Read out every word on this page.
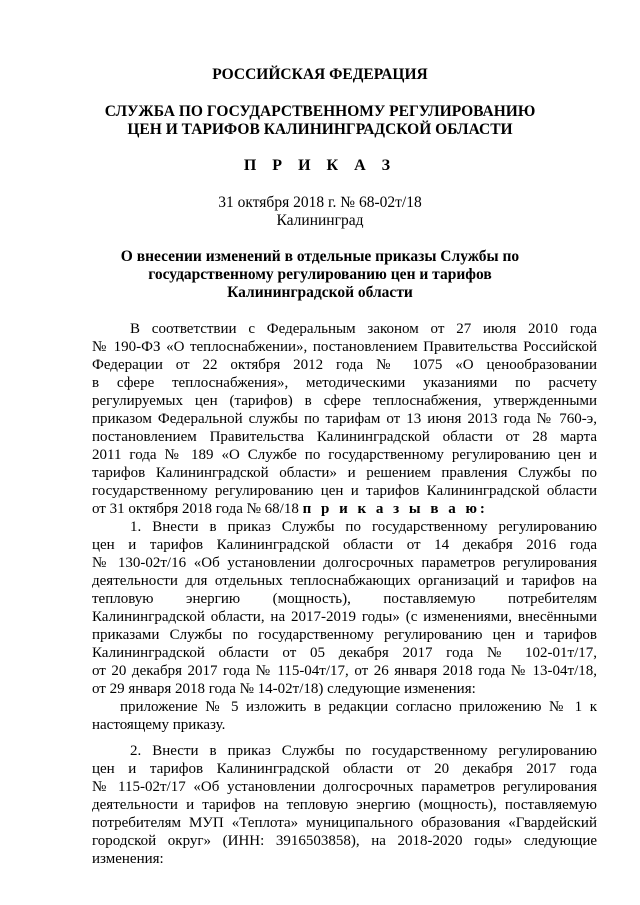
РОССИЙСКАЯ ФЕДЕРАЦИЯ
СЛУЖБА ПО ГОСУДАРСТВЕННОМУ РЕГУЛИРОВАНИЮ
ЦЕН И ТАРИФОВ КАЛИНИНГРАДСКОЙ ОБЛАСТИ
П Р И К А З
31 октября 2018 г. № 68-02т/18
Калининград
О внесении изменений в отдельные приказы Службы по
государственному регулированию цен и тарифов
Калининградской области
В соответствии с Федеральным законом от 27 июля 2010 года
№ 190-ФЗ «О теплоснабжении», постановлением Правительства Российской
Федерации от 22 октября 2012 года № 1075 «О ценообразовании
в сфере теплоснабжения», методическими указаниями по расчету
регулируемых цен (тарифов) в сфере теплоснабжения, утвержденными
приказом Федеральной службы по тарифам от 13 июня 2013 года № 760-э,
постановлением Правительства Калининградской области от 28 марта
2011 года № 189 «О Службе по государственному регулированию цен и
тарифов Калининградской области» и решением правления Службы по
государственному регулированию цен и тарифов Калининградской области
от 31 октября 2018 года № 68/18 п р и к а з ы в а ю:
1. Внести в приказ Службы по государственному регулированию
цен и тарифов Калининградской области от 14 декабря 2016 года
№ 130-02т/16 «Об установлении долгосрочных параметров регулирования
деятельности для отдельных теплоснабжающих организаций и тарифов на
тепловую энергию (мощность), поставляемую потребителям
Калининградской области, на 2017-2019 годы» (с изменениями, внесёнными
приказами Службы по государственному регулированию цен и тарифов
Калининградской области от 05 декабря 2017 года № 102-01т/17,
от 20 декабря 2017 года № 115-04т/17, от 26 января 2018 года № 13-04т/18,
от 29 января 2018 года № 14-02т/18) следующие изменения:
приложение № 5 изложить в редакции согласно приложению № 1 к
настоящему приказу.
2. Внести в приказ Службы по государственному регулированию
цен и тарифов Калининградской области от 20 декабря 2017 года
№ 115-02т/17 «Об установлении долгосрочных параметров регулирования
деятельности и тарифов на тепловую энергию (мощность), поставляемую
потребителям МУП «Теплота» муниципального образования «Гвардейский
городской округ» (ИНН: 3916503858), на 2018-2020 годы» следующие
изменения:
